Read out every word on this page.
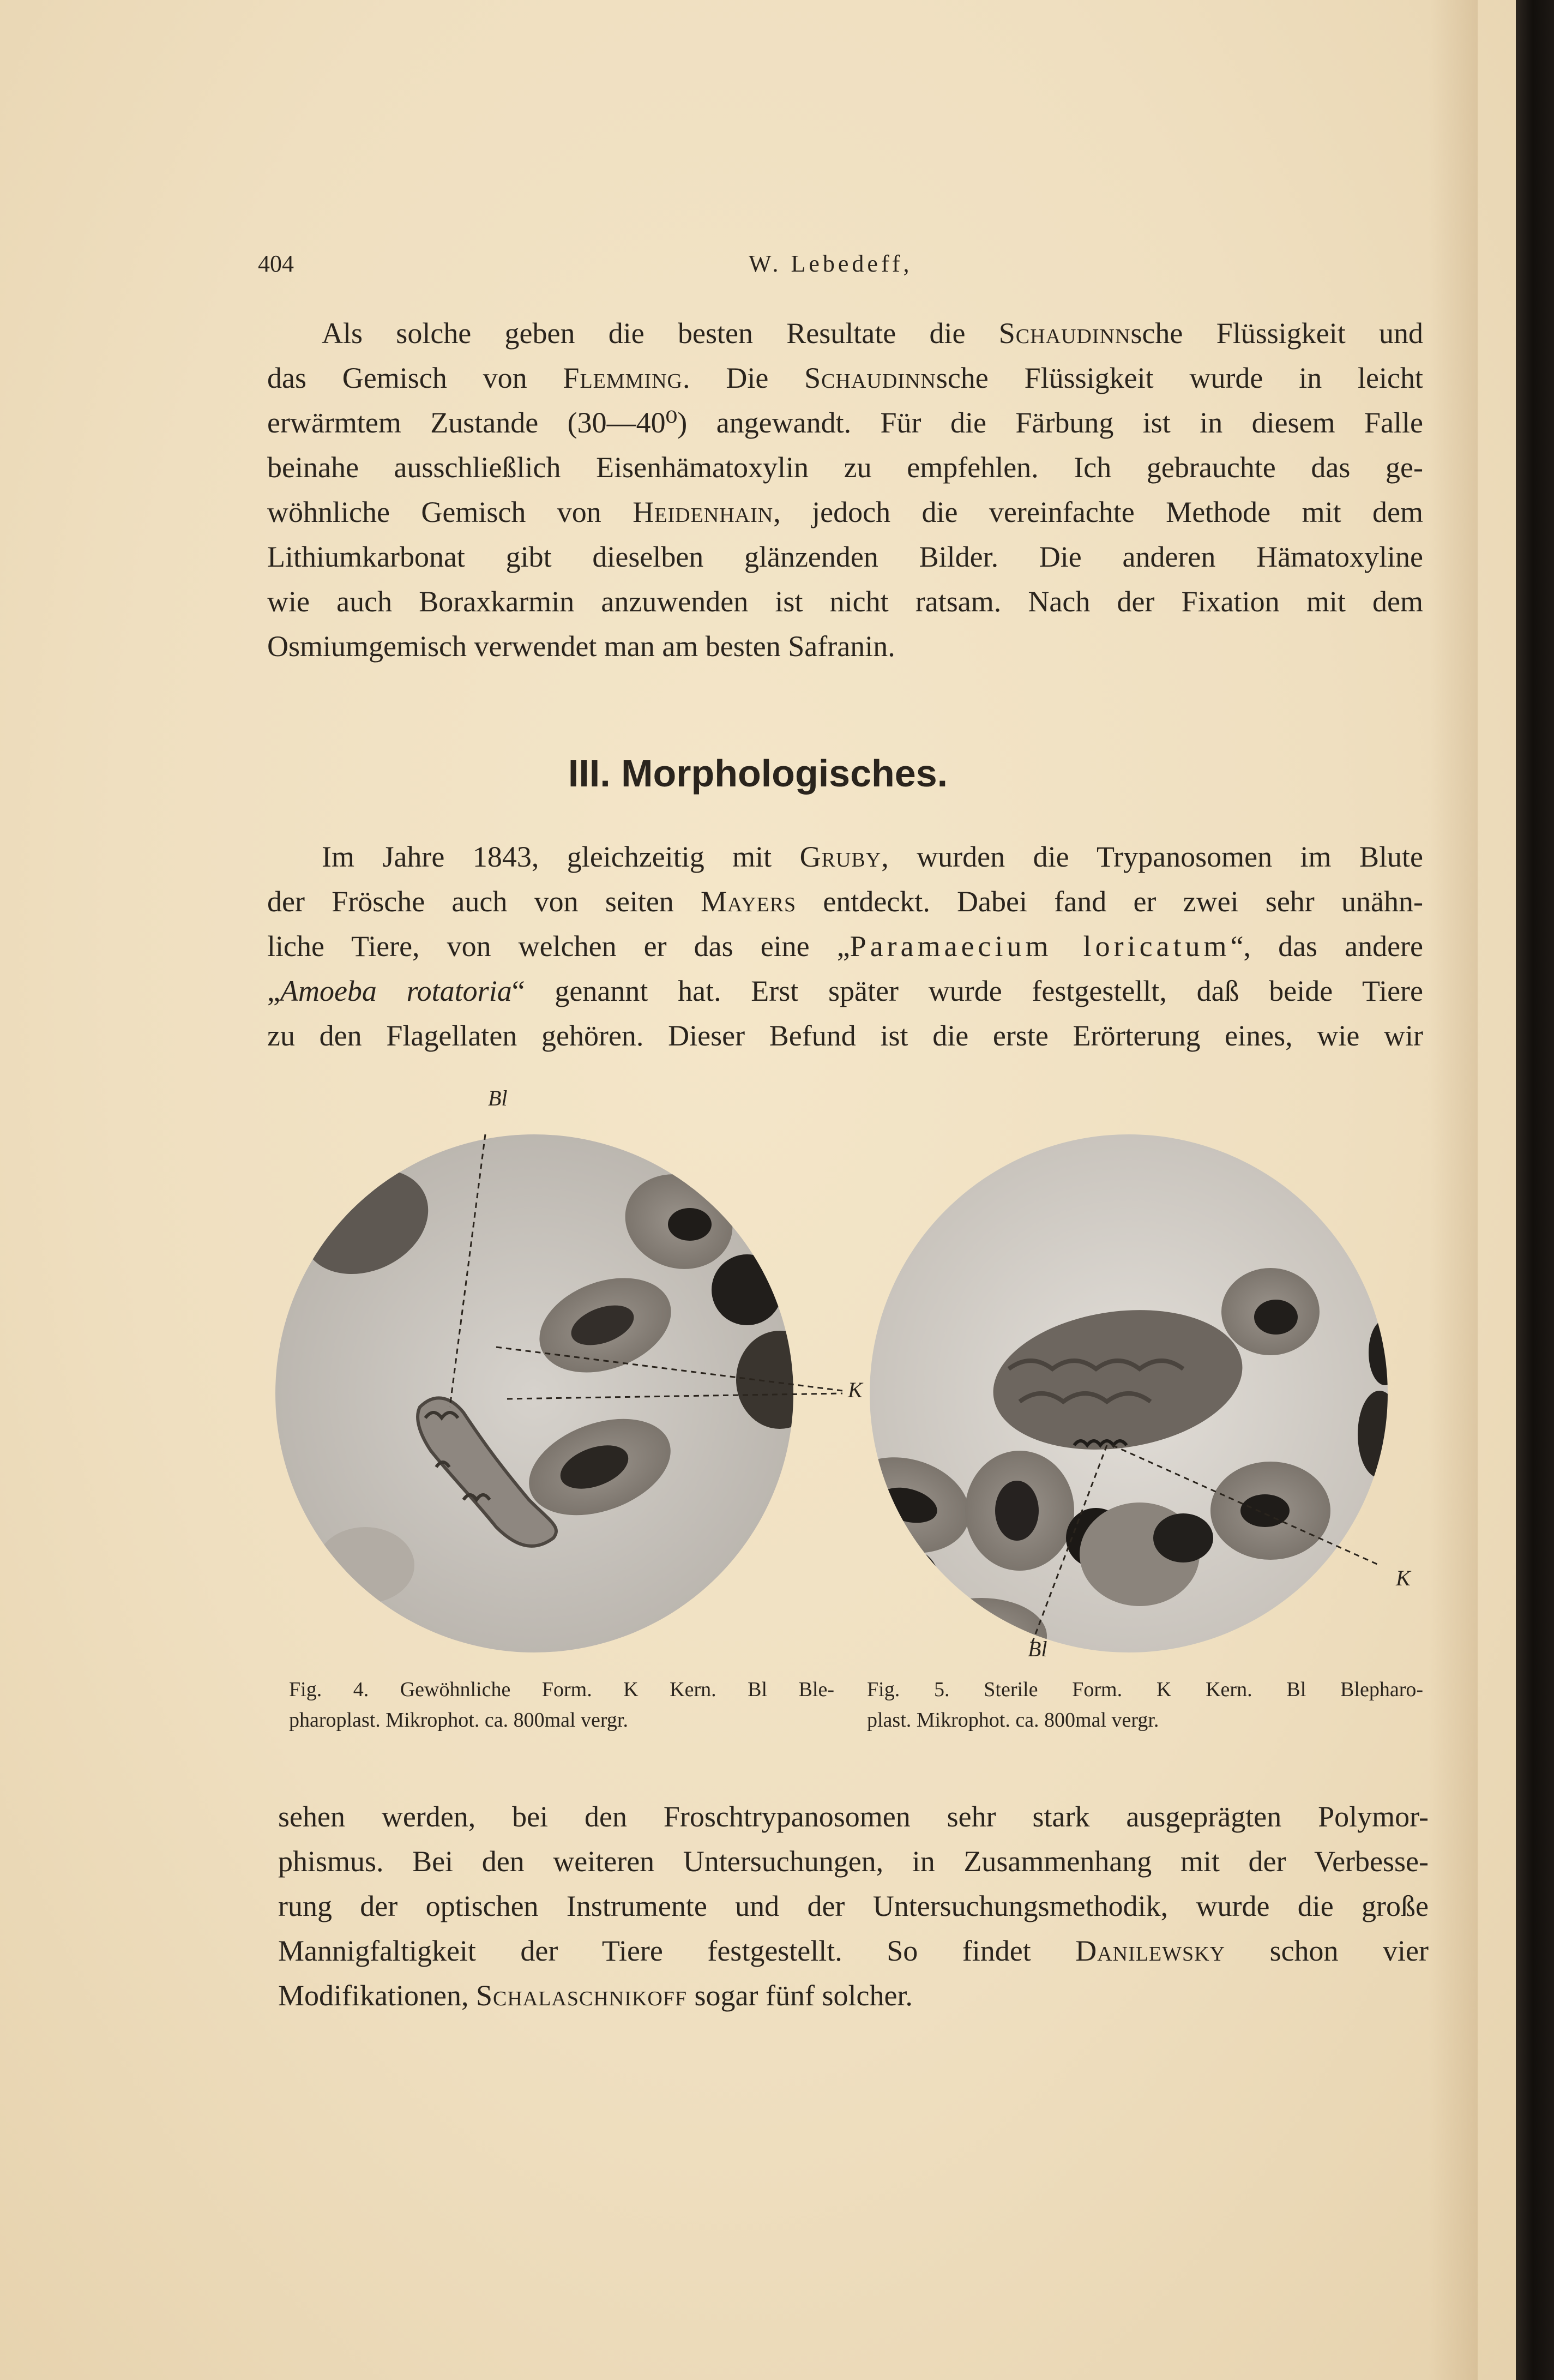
404	W. Lebedeff,

Als solche geben die besten Resultate die Schaudinnsche Flüssigkeit und

das Gemisch von Flemming. Die Schaudinnsche Flüssigkeit wurde in leicht
erwärmtem Zustande (30—40⁰) angewandt. Für die Färbung ist in diesem Falle
beinahe ausschließlich Eisenhämatoxylin zu empfehlen. Ich gebrauchte das ge-
wöhnliche Gemisch von Heidenhain, jedoch die vereinfachte Methode mit dem
Lithiumkarbonat gibt dieselben glänzenden Bilder. Die anderen Hämatoxyline
wie auch Boraxkarmin anzuwenden ist nicht ratsam. Nach der Fixation mit dem
Osmiumgemisch verwendet man am besten Safranin.
III. Morphologisches.

Im Jahre 1843, gleichzeitig mit Gruby, wurden die Trypanosomen im Blute

der Frösche auch von seiten Mayers entdeckt. Dabei fand er zwei sehr unähn-
liche Tiere, von welchen er das eine „Paramaecium loricatum“, das andere
„Amoeba rotatoria“ genannt hat. Erst später wurde festgestellt, daß beide Tiere
zu den Flagellaten gehören. Dieser Befund ist die erste Erörterung eines, wie wir
Bl
K
Bl
K
Fig. 4. Gewöhnliche Form. K Kern. Bl Ble-

pharoplast. Mikrophot. ca. 800mal vergr.
Fig. 5. Sterile Form. K Kern. Bl Blepharo-

plast. Mikrophot. ca. 800mal vergr.
sehen werden, bei den Froschtrypanosomen sehr stark ausgeprägten Polymor-
phismus. Bei den weiteren Untersuchungen, in Zusammenhang mit der Verbesse-
rung der optischen Instrumente und der Untersuchungsmethodik, wurde die große
Mannigfaltigkeit der Tiere festgestellt. So findet Danilewsky schon vier
Modifikationen, Schalaschnikoff sogar fünf solcher.
